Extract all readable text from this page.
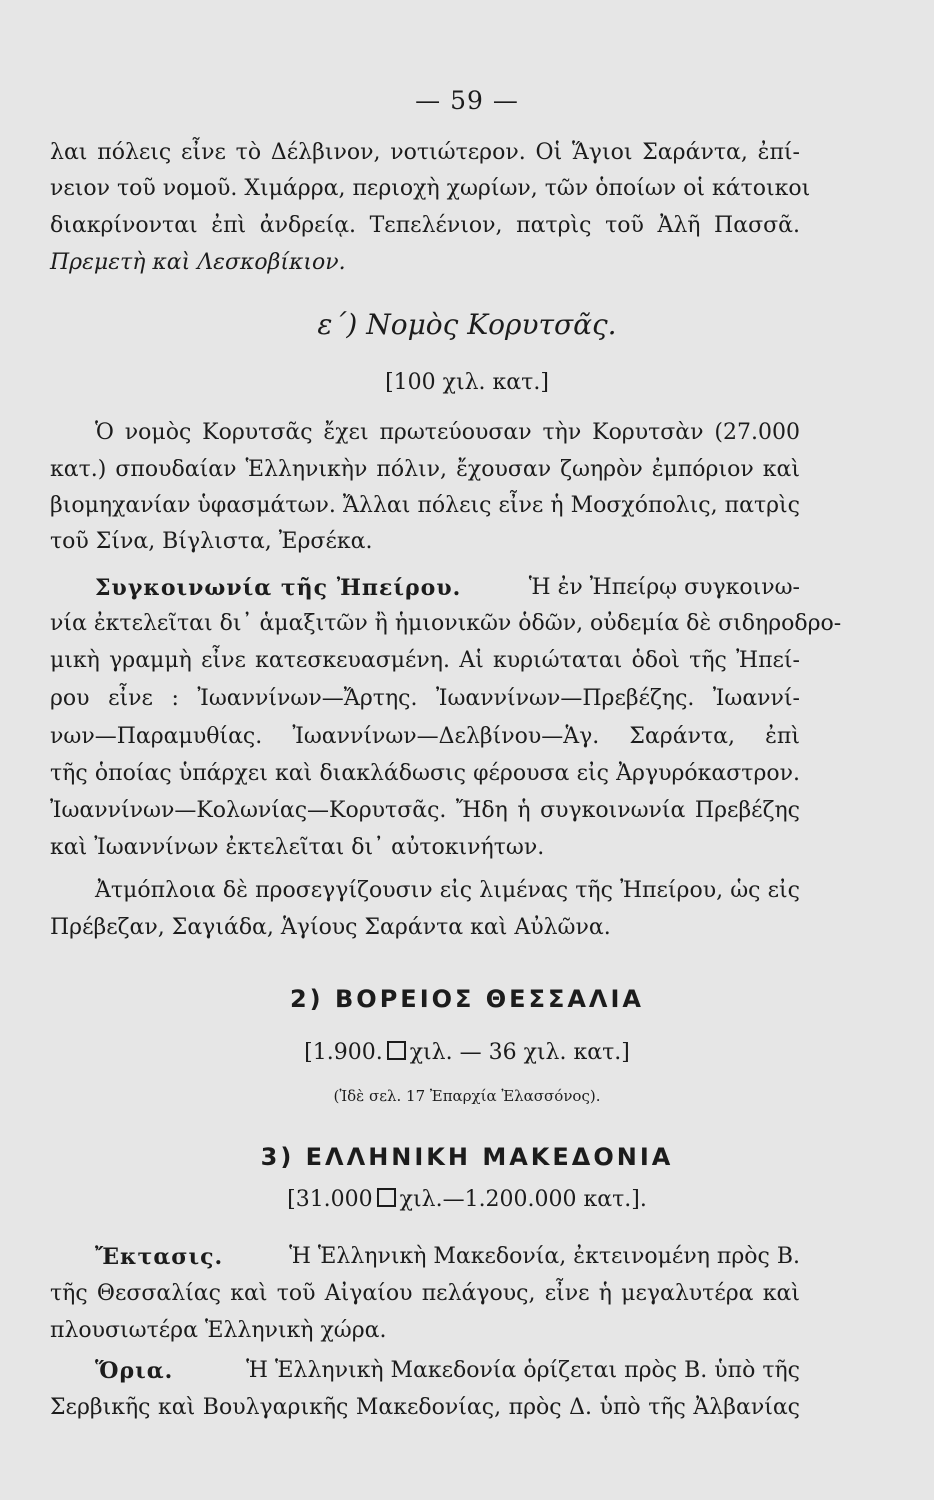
— 59 —
λαι πόλεις εἶνε τὸ Δέλβινον, νοτιώτερον. Οἱ Ἅγιοι Σαράντα, ἐπί-
νειον τοῦ νομοῦ. Χιμάρρα, περιοχὴ χωρίων, τῶν ὁποίων οἱ κάτοικοι
διακρίνονται ἐπὶ ἀνδρείᾳ. Τεπελένιον, πατρὶς τοῦ Ἀλῆ Πασσᾶ.
Πρεμετὴ καὶ Λεσκοβίκιον.
ε΄) Νομὸς Κορυτσᾶς.
[100 χιλ. κατ.]
Ὁ νομὸς Κορυτσᾶς ἔχει πρωτεύουσαν τὴν Κορυτσὰν (27.000
κατ.) σπουδαίαν Ἑλληνικὴν πόλιν, ἔχουσαν ζωηρὸν ἐμπόριον καὶ
βιομηχανίαν ὑφασμάτων. Ἄλλαι πόλεις εἶνε ἡ Μοσχόπολις, πατρὶς
τοῦ Σίνα, Βίγλιστα, Ἐρσέκα.
Συγκοινωνία τῆς Ἠπείρου.	Ἡ ἐν Ἠπείρῳ συγκοινω-
νία ἐκτελεῖται δι᾿ ἁμαξιτῶν ἢ ἡμιονικῶν ὁδῶν, οὐδεμία δὲ σιδηροδρο-
μικὴ γραμμὴ εἶνε κατεσκευασμένη. Αἱ κυριώταται ὁδοὶ τῆς Ἠπεί-
ρου εἶνε : Ἰωαννίνων—Ἄρτης. Ἰωαννίνων—Πρεβέζης. Ἰωαννί-
νων—Παραμυθίας. Ἰωαννίνων—Δελβίνου—Ἁγ. Σαράντα, ἐπὶ
τῆς ὁποίας ὑπάρχει καὶ διακλάδωσις φέρουσα εἰς Ἀργυρόκαστρον.
Ἰωαννίνων—Κολωνίας—Κορυτσᾶς. Ἤδη ἡ συγκοινωνία Πρεβέζης
καὶ Ἰωαννίνων ἐκτελεῖται δι᾿ αὐτοκινήτων.
Ἀτμόπλοια δὲ προσεγγίζουσιν εἰς λιμένας τῆς Ἠπείρου, ὡς εἰς
Πρέβεζαν, Σαγιάδα, Ἁγίους Σαράντα καὶ Αὐλῶνα.
2) ΒΟΡΕΙΟΣ ΘΕΣΣΑΛΙΑ
[1.900. χιλ. — 36 χιλ. κατ.]
(Ἰδὲ σελ. 17 Ἐπαρχία Ἐλασσόνος).
3) ΕΛΛΗΝΙΚΗ ΜΑΚΕΔΟΝΙΑ
[31.000 χιλ.—1.200.000 κατ.].
Ἔκτασις.	Ἡ Ἑλληνικὴ Μακεδονία, ἐκτεινομένη πρὸς Β.
τῆς Θεσσαλίας καὶ τοῦ Αἰγαίου πελάγους, εἶνε ἡ μεγαλυτέρα καὶ
πλουσιωτέρα Ἑλληνικὴ χώρα.
Ὅρια.	Ἡ Ἑλληνικὴ Μακεδονία ὁρίζεται πρὸς Β. ὑπὸ τῆς
Σερβικῆς καὶ Βουλγαρικῆς Μακεδονίας, πρὸς Δ. ὑπὸ τῆς Ἀλβανίας
